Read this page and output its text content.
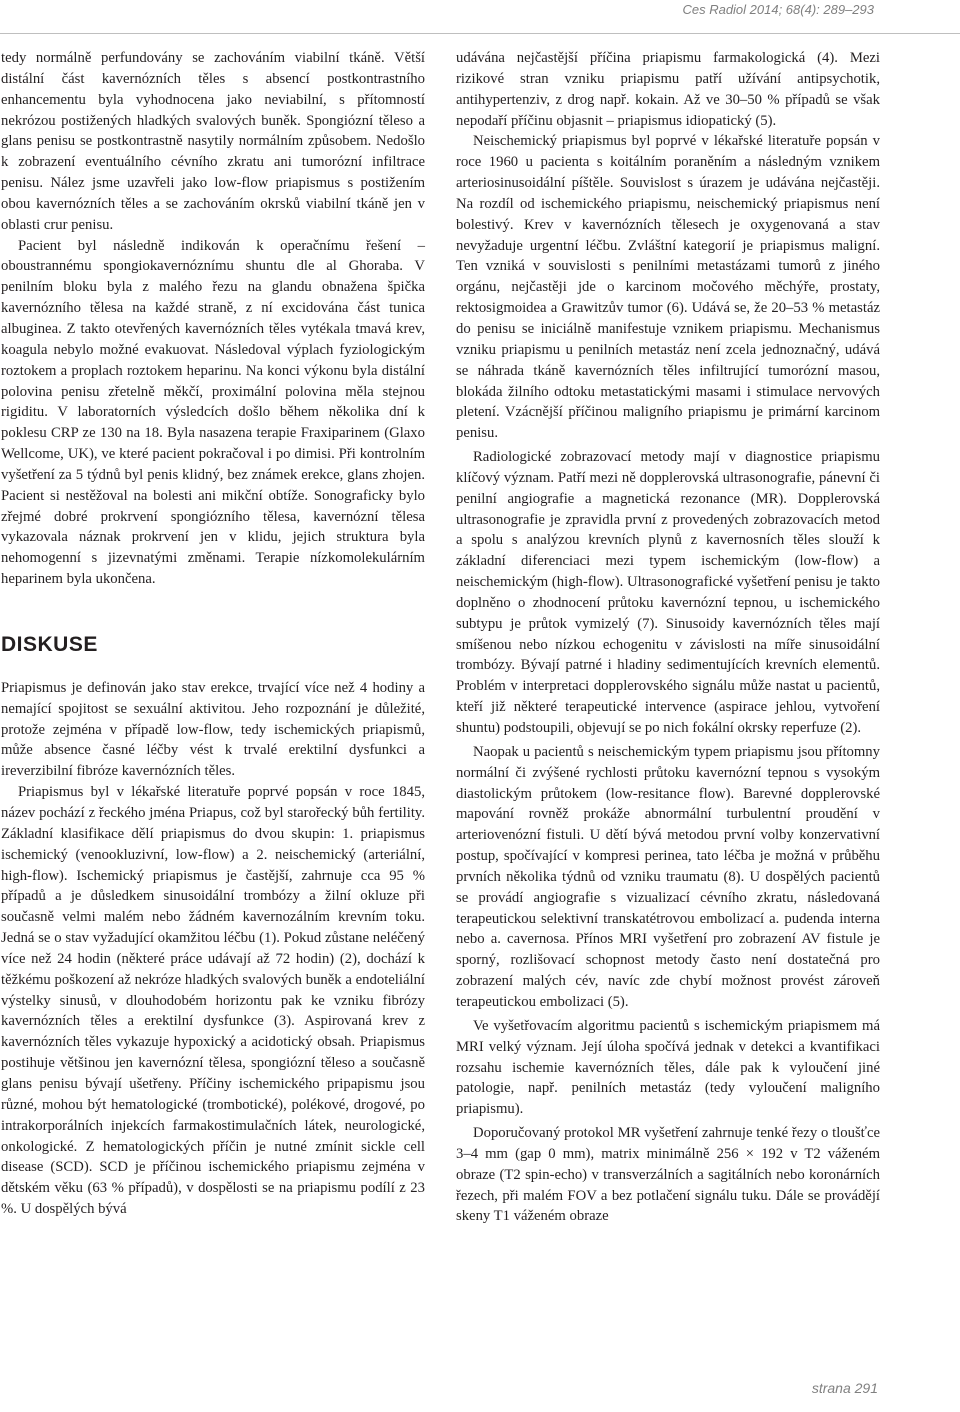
Ces Radiol 2014; 68(4): 289–293

tedy normálně perfundovány se zachováním viabilní tkáně. Větší distální část kavernózních těles s absencí postkontrastního enhancementu byla vyhodnocena jako neviabilní, s přítomností nekrózou postižených hladkých svalových buněk. Spongiózní těleso a glans penisu se postkontrastně nasytily normálním způsobem. Nedošlo k zobrazení eventuálního cévního zkratu ani tumorózní infiltrace penisu. Nález jsme uzavřeli jako low-flow priapismus s postižením obou kavernózních těles a se zachováním okrsků viabilní tkáně jen v oblasti crur penisu.

Pacient byl následně indikován k operačnímu řešení – oboustrannému spongiokavernóznímu shuntu dle al Ghoraba. V penilním bloku byla z malého řezu na glandu obnažena špička kavernózního tělesa na každé straně, z ní excidována část tunica albuginea. Z takto otevřených kavernózních těles vytékala tmavá krev, koagula nebylo možné evakuovat. Následoval výplach fyziologickým roztokem a proplach roztokem heparinu. Na konci výkonu byla distální polovina penisu zřetelně měkčí, proximální polovina měla stejnou rigiditu. V laboratorních výsledcích došlo během několika dní k poklesu CRP ze 130 na 18. Byla nasazena terapie Fraxiparinem (Glaxo Wellcome, UK), ve které pacient pokračoval i po dimisi. Při kontrolním vyšetření za 5 týdnů byl penis klidný, bez známek erekce, glans zhojen. Pacient si nestěžoval na bolesti ani mikční obtíže. Sonograficky bylo zřejmé dobré prokrvení spongiózního tělesa, kavernózní tělesa vykazovala náznak prokrvení jen v klidu, jejich struktura byla nehomogenní s jizevnatými změnami. Terapie nízkomolekulárním heparinem byla ukončena.

DISKUSE

Priapismus je definován jako stav erekce, trvající více než 4 hodiny a nemající spojitost se sexuální aktivitou. Jeho rozpoznání je důležité, protože zejména v případě low-flow, tedy ischemických priapismů, může absence časné léčby vést k trvalé erektilní dysfunkci a ireverzibilní fibróze kavernózních těles.

Priapismus byl v lékařské literatuře poprvé popsán v roce 1845, název pochází z řeckého jména Priapus, což byl starořecký bůh fertility. Základní klasifikace dělí priapismus do dvou skupin: 1. priapismus ischemický (venookluzivní, low-flow) a 2. neischemický (arteriální, high-flow). Ischemický priapismus je častější, zahrnuje cca 95 % případů a je důsledkem sinusoidální trombózy a žilní okluze při současně velmi malém nebo žádném kavernozálním krevním toku. Jedná se o stav vyžadující okamžitou léčbu (1). Pokud zůstane neléčený více než 24 hodin (některé práce udávají až 72 hodin) (2), dochází k těžkému poškození až nekróze hladkých svalových buněk a endoteliální výstelky sinusů, v dlouhodobém horizontu pak ke vzniku fibrózy kavernózních těles a erektilní dysfunkce (3). Aspirovaná krev z kavernózních těles vykazuje hypoxický a acidotický obsah. Priapismus postihuje většinou jen kavernózní tělesa, spongiózní těleso a současně glans penisu bývají ušetřeny. Příčiny ischemického pripapismu jsou různé, mohou být hematologické (trombotické), polékové, drogové, po intrakorporálních injekcích farmakostimulačních látek, neurologické, onkologické. Z hematologických příčin je nutné zmínit sickle cell disease (SCD). SCD je příčinou ischemického priapismu zejména v dětském věku (63 % případů), v dospělosti se na priapismu podílí z 23 %. U dospělých bývá

udávána nejčastější příčina priapismu farmakologická (4). Mezi rizikové stran vzniku priapismu patří užívání antipsychotik, antihypertenziv, z drog např. kokain. Až ve 30–50 % případů se však nepodaří příčinu objasnit – priapismus idiopatický (5).

Neischemický priapismus byl poprvé v lékařské literatuře popsán v roce 1960 u pacienta s koitálním poraněním a následným vznikem arteriosinusoidální píštěle. Souvislost s úrazem je udávána nejčastěji. Na rozdíl od ischemického priapismu, neischemický priapismus není bolestivý. Krev v kavernózních tělesech je oxygenovaná a stav nevyžaduje urgentní léčbu. Zvláštní kategorií je priapismus maligní. Ten vzniká v souvislosti s penilními metastázami tumorů z jiného orgánu, nejčastěji jde o karcinom močového měchýře, prostaty, rektosigmoidea a Grawitzův tumor (6). Udává se, že 20–53 % metastáz do penisu se iniciálně manifestuje vznikem priapismu. Mechanismus vzniku priapismu u penilních metastáz není zcela jednoznačný, udává se náhrada tkáně kavernózních těles infiltrující tumorózní masou, blokáda žilního odtoku metastatickými masami i stimulace nervových pletení. Vzácnější příčinou maligního priapismu je primární karcinom penisu.

Radiologické zobrazovací metody mají v diagnostice priapismu klíčový význam. Patří mezi ně dopplerovská ultrasonografie, pánevní či penilní angiografie a magnetická rezonance (MR). Dopplerovská ultrasonografie je zpravidla první z provedených zobrazovacích metod a spolu s analýzou krevních plynů z kavernosních těles slouží k základní diferenciaci mezi typem ischemickým (low-flow) a neischemickým (high-flow). Ultrasonografické vyšetření penisu je takto doplněno o zhodnocení průtoku kavernózní tepnou, u ischemického subtypu je průtok vymizelý (7). Sinusoidy kavernózních těles mají smíšenou nebo nízkou echogenitu v závislosti na míře sinusoidální trombózy. Bývají patrné i hladiny sedimentujících krevních elementů. Problém v interpretaci dopplerovského signálu může nastat u pacientů, kteří již některé terapeutické intervence (aspirace jehlou, vytvoření shuntu) podstoupili, objevují se po nich fokální okrsky reperfuze (2).

Naopak u pacientů s neischemickým typem priapismu jsou přítomny normální či zvýšené rychlosti průtoku kavernózní tepnou s vysokým diastolickým průtokem (low-resitance flow). Barevné dopplerovské mapování rovněž prokáže abnormální turbulentní proudění v arteriovenózní fistuli. U dětí bývá metodou první volby konzervativní postup, spočívající v kompresi perinea, tato léčba je možná v průběhu prvních několika týdnů od vzniku traumatu (8). U dospělých pacientů se provádí angiografie s vizualizací cévního zkratu, následovaná terapeutickou selektivní transkatétrovou embolizací a. pudenda interna nebo a. cavernosa. Přínos MRI vyšetření pro zobrazení AV fistule je sporný, rozlišovací schopnost metody často není dostatečná pro zobrazení malých cév, navíc zde chybí možnost provést zároveň terapeutickou embolizaci (5).

Ve vyšetřovacím algoritmu pacientů s ischemickým priapismem má MRI velký význam. Její úloha spočívá jednak v detekci a kvantifikaci rozsahu ischemie kavernózních těles, dále pak k vyloučení jiné patologie, např. penilních metastáz (tedy vyloučení maligního priapismu).

Doporučovaný protokol MR vyšetření zahrnuje tenké řezy o tloušťce 3–4 mm (gap 0 mm), matrix minimálně 256 × 192 v T2 váženém obraze (T2 spin-echo) v transverzálních a sagitálních nebo koronárních řezech, při malém FOV a bez potlačení signálu tuku. Dále se provádějí skeny T1 váženém obraze

strana 291
